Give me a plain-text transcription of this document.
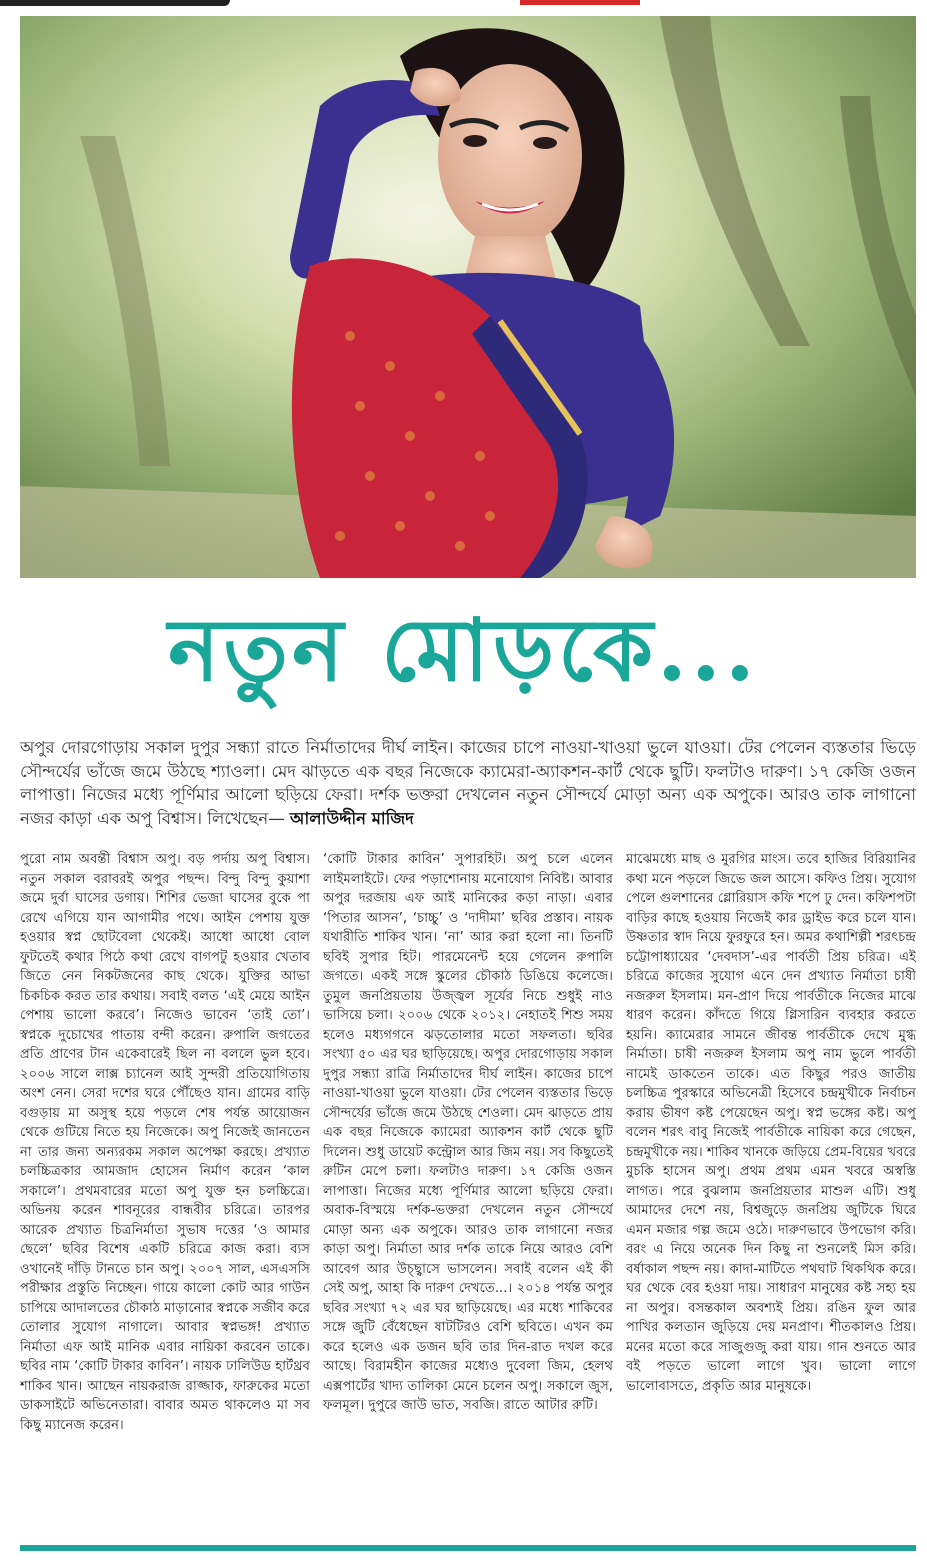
নতুন মোড়কে...
অপুর দোরগোড়ায় সকাল দুপুর সন্ধ্যা রাতে নির্মাতাদের দীর্ঘ লাইন। কাজের চাপে নাওয়া-খাওয়া ভুলে যাওয়া। টের পেলেন ব্যস্ততার ভিড়ে সৌন্দর্যের ভাঁজে জমে উঠছে শ্যাওলা। মেদ ঝাড়তে এক বছর নিজেকে ক্যামেরা-অ্যাকশন-কার্ট থেকে ছুটি। ফলটাও দারুণ। ১৭ কেজি ওজন লাপাত্তা। নিজের মধ্যে পূর্ণিমার আলো ছড়িয়ে ফেরা। দর্শক ভক্তরা দেখলেন নতুন সৌন্দর্যে মোড়া অন্য এক অপুকে। আরও তাক লাগানো নজর কাড়া এক অপু বিশ্বাস। লিখেছেন— আলাউদ্দীন মাজিদ

পুরো নাম অবন্তী বিশ্বাস অপু। বড় পর্দায় অপু বিশ্বাস। নতুন সকাল বরাবরই অপুর পছন্দ। বিন্দু বিন্দু কুয়াশা জমে দুর্বা ঘাসের ডগায়। শিশির ভেজা ঘাসের বুকে পা রেখে এগিয়ে যান আগামীর পথে। আইন পেশায় যুক্ত হওয়ার স্বপ্ন ছোটবেলা থেকেই। আধো আধো বোল ফুটতেই কথার পিঠে কথা রেখে বাগপটু হওয়ার খেতাব জিতে নেন নিকটজনের কাছ থেকে। যুক্তির আভা চিকচিক করত তার কথায়। সবাই বলত ‘এই মেয়ে আইন পেশায় ভালো করবে’। নিজেও ভাবেন ‘তাই তো’। স্বপ্নকে দুচোখের পাতায় বন্দী করেন। রুপালি জগতের প্রতি প্রাণের টান একেবারেই ছিল না বললে ভুল হবে। ২০০৬ সালে লাক্স চ্যানেল আই সুন্দরী প্রতিযোগিতায় অংশ নেন। সেরা দশের ঘরে পৌঁছেও যান। গ্রামের বাড়ি বগুড়ায় মা অসুস্থ হয়ে পড়লে শেষ পর্যন্ত আয়োজন থেকে গুটিয়ে নিতে হয় নিজেকে। অপু নিজেই জানতেন না তার জন্য অন্যরকম সকাল অপেক্ষা করছে। প্রখ্যাত চলচ্চিত্রকার আমজাদ হোসেন নির্মাণ করেন ‘কাল সকালে’। প্রথমবারের মতো অপু যুক্ত হন চলচ্চিত্রে। অভিনয় করেন শাবনূরের বান্ধবীর চরিত্রে। তারপর আরেক প্রখ্যাত চিত্রনির্মাতা সুভাষ দত্তের ‘ও আমার ছেলে’ ছবির বিশেষ একটি চরিত্রে কাজ করা। ব্যস ওখানেই দাঁড়ি টানতে চান অপু। ২০০৭ সাল, এসএসসি পরীক্ষার প্রস্তুতি নিচ্ছেন। গায়ে কালো কোট আর গাউন চাপিয়ে আদালতের চৌকাঠ মাড়ানোর স্বপ্নকে সজীব করে তোলার সুযোগ নাগালে। আবার স্বপ্নভঙ্গ! প্রখ্যাত নির্মাতা এফ আই মানিক এবার নায়িকা করবেন তাকে। ছবির নাম ‘কোটি টাকার কাবিন’। নায়ক ঢালিউড হার্টথ্রব শাকিব খান। আছেন নায়করাজ রাজ্জাক, ফারুকের মতো ডাকসাইটে অভিনেতারা। বাবার অমত থাকলেও মা সব কিছু ম্যানেজ করেন।

‘কোটি টাকার কাবিন’ সুপারহিট। অপু চলে এলেন লাইমলাইটে। ফের পড়াশোনায় মনোযোগ নিবিষ্ট। আবার অপুর দরজায় এফ আই মানিকের কড়া নাড়া। এবার ‘পিতার আসন’, ‘চাচ্চু’ ও ‘দাদীমা’ ছবির প্রস্তাব। নায়ক যথারীতি শাকিব খান। ‘না’ আর করা হলো না। তিনটি ছবিই সুপার হিট। পারমেনেন্ট হয়ে গেলেন রুপালি জগতে। একই সঙ্গে স্কুলের চৌকাঠ ডিঙিয়ে কলেজে। তুমুল জনপ্রিয়তায় উজ্জ্বল সূর্যের নিচে শুধুই নাও ভাসিয়ে চলা। ২০০৬ থেকে ২০১২। নেহাতই শিশু সময় হলেও মধ্যগগনে ঝড়তোলার মতো সফলতা। ছবির সংখ্যা ৫০ এর ঘর ছাড়িয়েছে। অপুর দোরগোড়ায় সকাল দুপুর সন্ধ্যা রাত্রি নির্মাতাদের দীর্ঘ লাইন। কাজের চাপে নাওয়া-খাওয়া ভুলে যাওয়া। টের পেলেন ব্যস্ততার ভিড়ে সৌন্দর্যের ভাঁজে জমে উঠছে শেওলা। মেদ ঝাড়তে প্রায় এক বছর নিজেকে ক্যামেরা অ্যাকশন কার্ট থেকে ছুটি দিলেন। শুধু ডায়েট কন্ট্রোল আর জিম নয়। সব কিছুতেই রুটিন মেপে চলা। ফলটাও দারুণ। ১৭ কেজি ওজন লাপাত্তা। নিজের মধ্যে পূর্ণিমার আলো ছড়িয়ে ফেরা। অবাক-বিস্ময়ে দর্শক-ভক্তরা দেখলেন নতুন সৌন্দর্যে মোড়া অন্য এক অপুকে। আরও তাক লাগানো নজর কাড়া অপু। নির্মাতা আর দর্শক তাকে নিয়ে আরও বেশি আবেগ আর উচ্ছ্বাসে ভাসলেন। সবাই বলেন এই কী সেই অপু, আহা কি দারুণ দেখতে...। ২০১৪ পর্যন্ত অপুর ছবির সংখ্যা ৭২ এর ঘর ছাড়িয়েছে। এর মধ্যে শাকিবের সঙ্গে জুটি বেঁধেছেন ষাটটিরও বেশি ছবিতে। এখন কম করে হলেও এক ডজন ছবি তার দিন-রাত দখল করে আছে। বিরামহীন কাজের মধ্যেও দুবেলা জিম, হেলথ এক্সপার্টের খাদ্য তালিকা মেনে চলেন অপু। সকালে জুস, ফলমূল। দুপুরে জাউ ভাত, সবজি। রাতে আটার রুটি।

মাঝেমধ্যে মাছ ও মুরগির মাংস। তবে হাজির বিরিয়ানির কথা মনে পড়লে জিভে জল আসে। কফিও প্রিয়। সুযোগ পেলে গুলশানের গ্লোরিয়াস কফি শপে ঢু দেন। কফিশপটা বাড়ির কাছে হওয়ায় নিজেই কার ড্রাইভ করে চলে যান। উষ্ণতার স্বাদ নিয়ে ফুরফুরে হন। অমর কথাশিল্পী শরৎচন্দ্র চট্টোপাধ্যায়ের ‘দেবদাস’-এর পার্বতী প্রিয় চরিত্র। এই চরিত্রে কাজের সুযোগ এনে দেন প্রখ্যাত নির্মাতা চাষী নজরুল ইসলাম। মন-প্রাণ দিয়ে পার্বতীকে নিজের মাঝে ধারণ করেন। কাঁদতে গিয়ে গ্লিসারিন ব্যবহার করতে হয়নি। ক্যামেরার সামনে জীবন্ত পার্বতীকে দেখে মুগ্ধ নির্মাতা। চাষী নজরুল ইসলাম অপু নাম ভুলে পার্বতী নামেই ডাকতেন তাকে। এত কিছুর পরও জাতীয় চলচ্চিত্র পুরস্কারে অভিনেত্রী হিসেবে চন্দ্রমুখীকে নির্বাচন করায় ভীষণ কষ্ট পেয়েছেন অপু। স্বপ্ন ভঙ্গের কষ্ট। অপু বলেন শরৎ বাবু নিজেই পার্বতীকে নায়িকা করে গেছেন, চন্দ্রমুখীকে নয়। শাকিব খানকে জড়িয়ে প্রেম-বিয়ের খবরে মুচকি হাসেন অপু। প্রথম প্রথম এমন খবরে অস্বস্তি লাগত। পরে বুঝলাম জনপ্রিয়তার মাশুল এটি। শুধু আমাদের দেশে নয়, বিশ্বজুড়ে জনপ্রিয় জুটিকে ঘিরে এমন মজার গল্প জমে ওঠে। দারুণভাবে উপভোগ করি। বরং এ নিয়ে অনেক দিন কিছু না শুনলেই মিস করি। বর্ষাকাল পছন্দ নয়। কাদা-মাটিতে পথঘাট থিকথিক করে। ঘর থেকে বের হওয়া দায়। সাধারণ মানুষের কষ্ট সহ্য হয় না অপুর। বসন্তকাল অবশ্যই প্রিয়। রঙিন ফুল আর পাখির কলতান জুড়িয়ে দেয় মনপ্রাণ। শীতকালও প্রিয়। মনের মতো করে সাজুগুজু করা যায়। গান শুনতে আর বই পড়তে ভালো লাগে খুব। ভালো লাগে ভালোবাসতে, প্রকৃতি আর মানুষকে।
